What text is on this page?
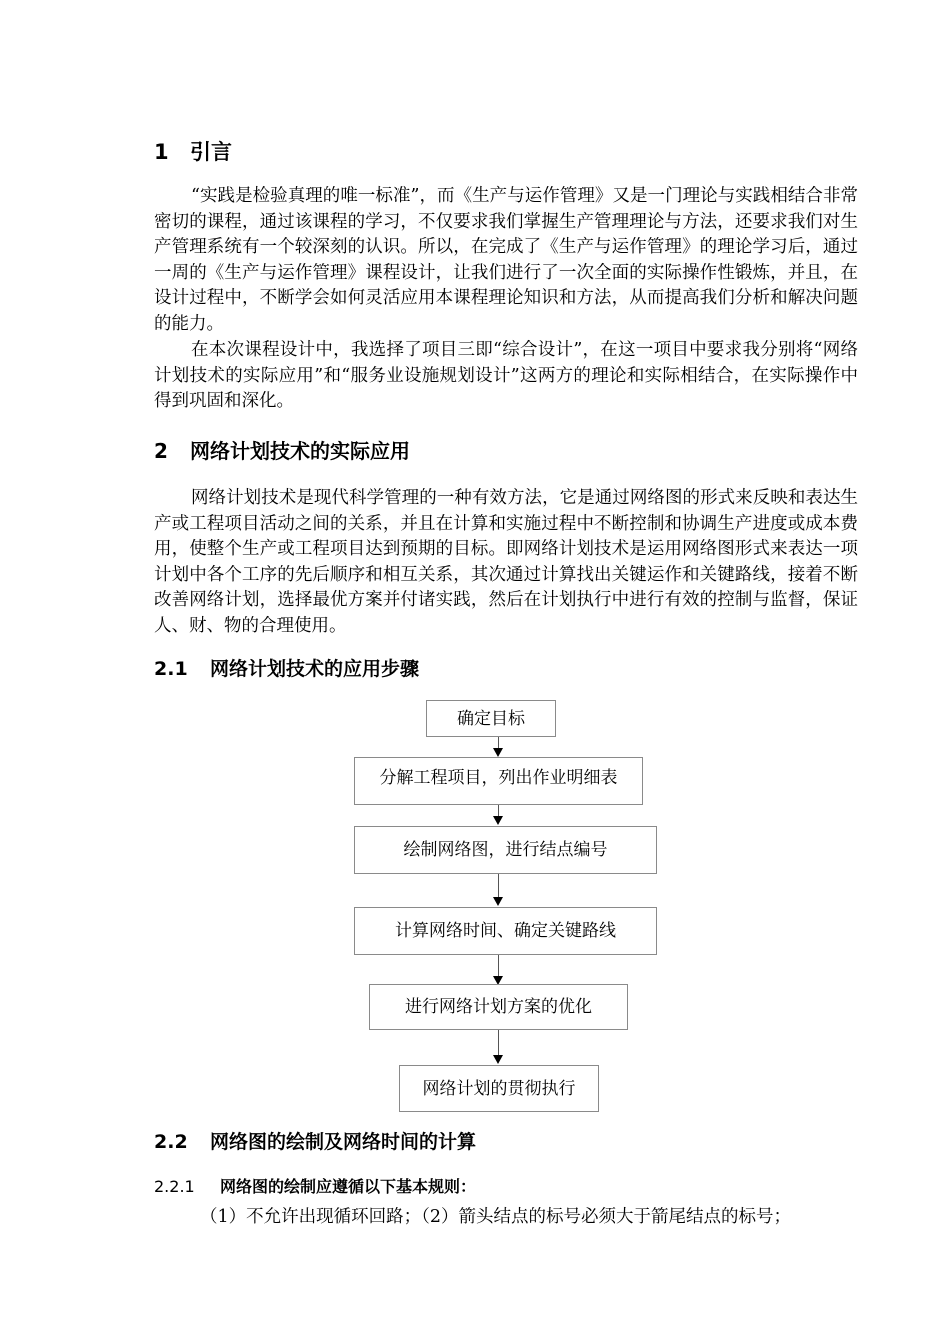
1 引言

“实践是检验真理的唯一标准”，而《生产与运作管理》又是一门理论与实践相结合非常密切的课程，通过该课程的学习，不仅要求我们掌握生产管理理论与方法，还要求我们对生产管理系统有一个较深刻的认识。所以，在完成了《生产与运作管理》的理论学习后，通过一周的《生产与运作管理》课程设计，让我们进行了一次全面的实际操作性锻炼，并且，在设计过程中，不断学会如何灵活应用本课程理论知识和方法，从而提高我们分析和解决问题的能力。

在本次课程设计中，我选择了项目三即“综合设计”，在这一项目中要求我分别将“网络计划技术的实际应用”和“服务业设施规划设计”这两方的理论和实际相结合，在实际操作中得到巩固和深化。

2 网络计划技术的实际应用

网络计划技术是现代科学管理的一种有效方法，它是通过网络图的形式来反映和表达生产或工程项目活动之间的关系，并且在计算和实施过程中不断控制和协调生产进度或成本费用，使整个生产或工程项目达到预期的目标。即网络计划技术是运用网络图形式来表达一项计划中各个工序的先后顺序和相互关系，其次通过计算找出关键运作和关键路线，接着不断改善网络计划，选择最优方案并付诸实践，然后在计划执行中进行有效的控制与监督，保证人、财、物的合理使用。

2.1 网络计划技术的应用步骤
确定目标
分解工程项目，列出作业明细表
绘制网络图，进行结点编号
计算网络时间、确定关键路线
进行网络计划方案的优化
网络计划的贯彻执行
2.2 网络图的绘制及网络时间的计算
2.2.1 网络图的绘制应遵循以下基本规则：
（1）不允许出现循环回路；（2）箭头结点的标号必须大于箭尾结点的标号；
